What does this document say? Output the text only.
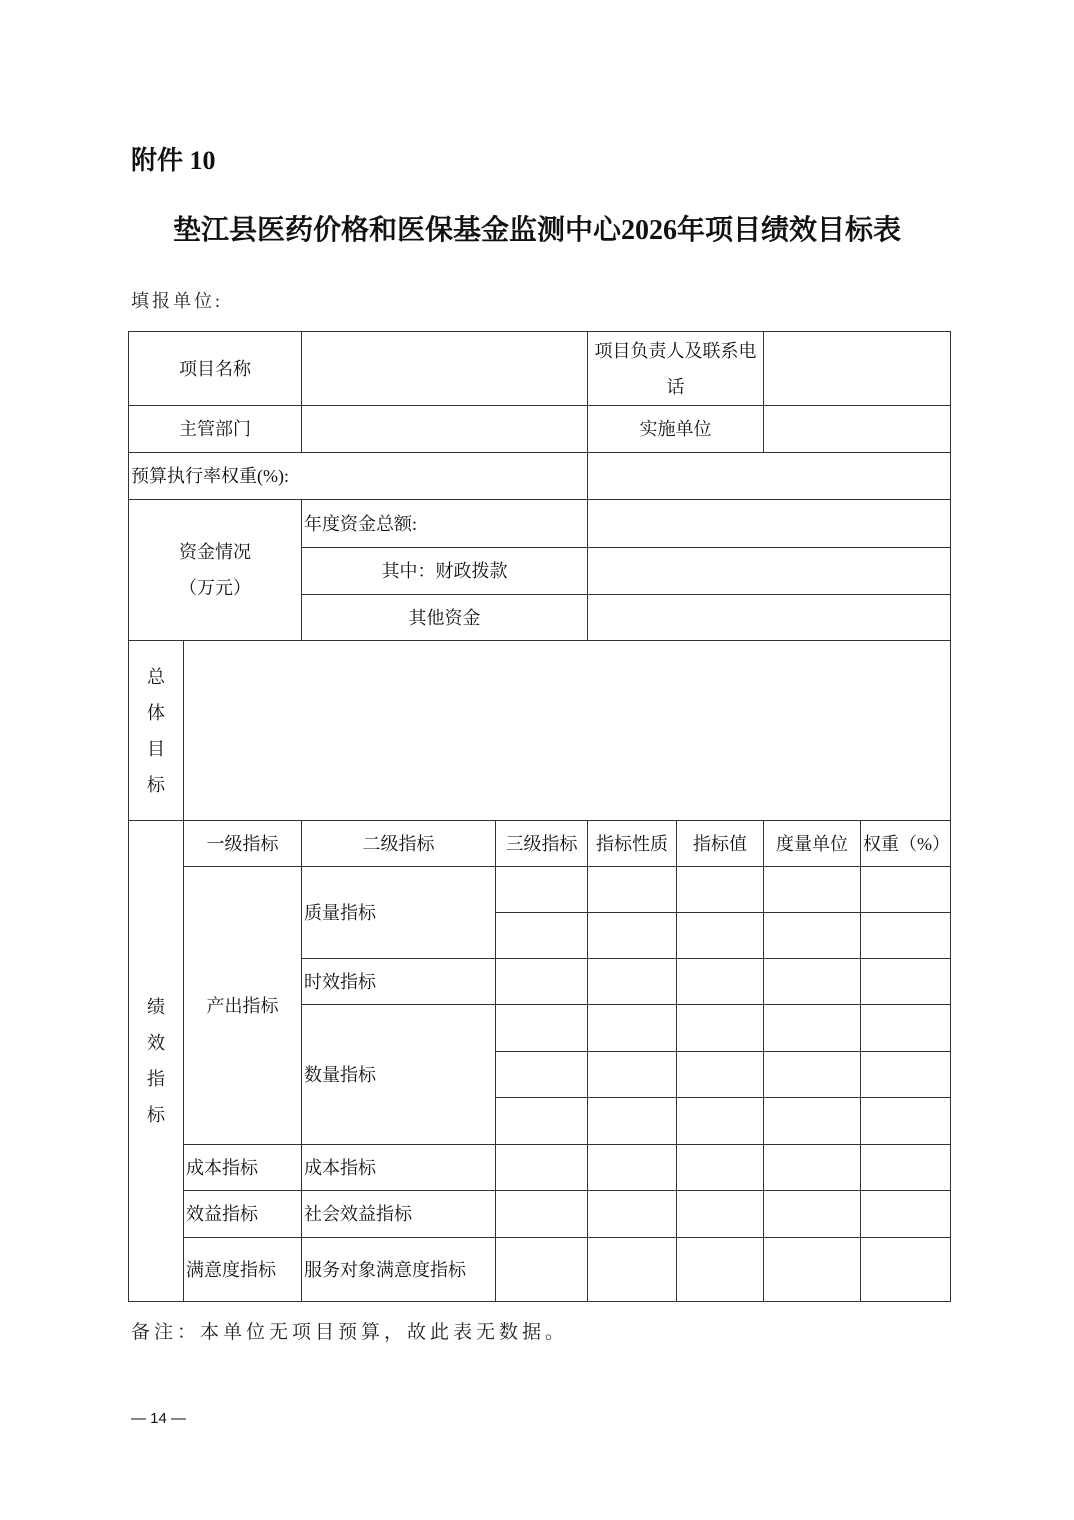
附件 10
垫江县医药价格和医保基金监测中心2026年项目绩效目标表
填报单位:
项目名称				项目负责人及联系电话			
主管部门				实施单位			
预算执行率权重(%):							

资金情况（万元）		年度资金总额:					
		其中：财政拨款					
		其他资金					

总体目标							

绩效指标	一级指标	二级指标	三级指标	指标性质	指标值	度量单位	权重（%）
	产出指标	质量指标					

		时效指标					
		数量指标					

	成本指标	成本指标					
	效益指标	社会效益指标					
	满意度指标	服务对象满意度指标					
备注：本单位无项目预算，故此表无数据。
— 14 —
